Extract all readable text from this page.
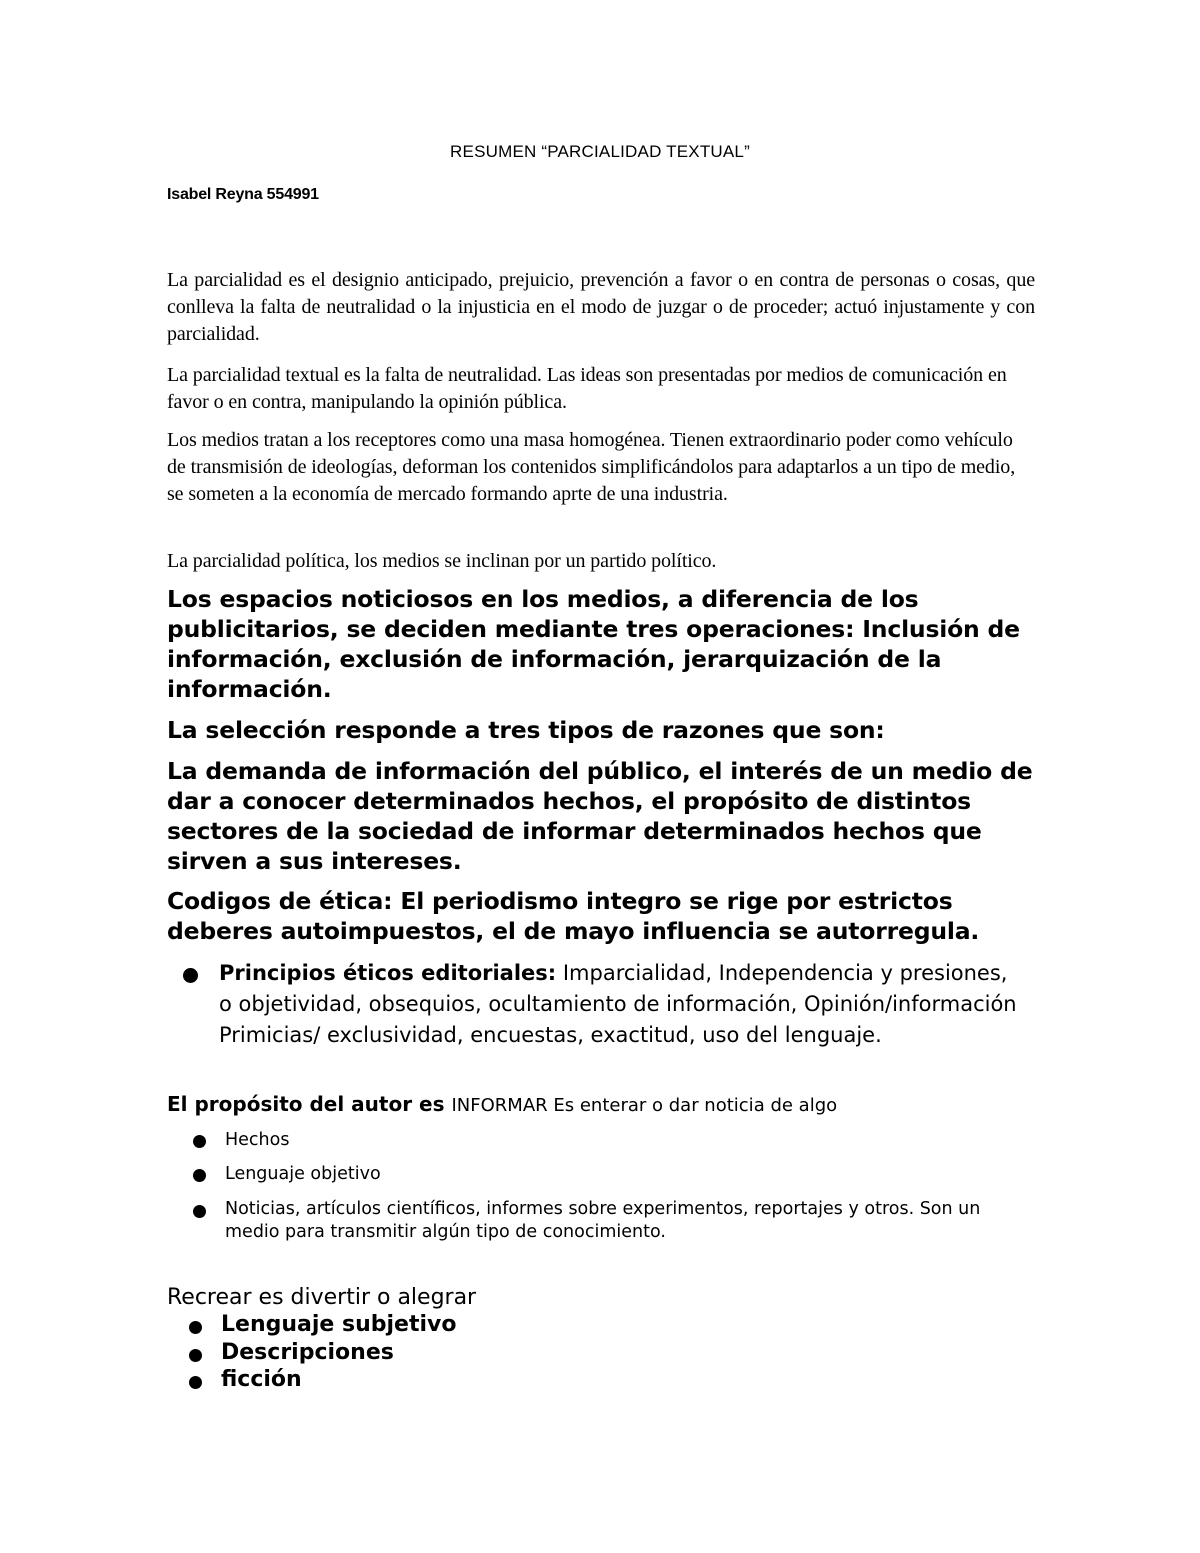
RESUMEN “PARCIALIDAD TEXTUAL”
Isabel Reyna 554991
La parcialidad es el designio anticipado, prejuicio, prevención a favor o en contra de personas o cosas, que conlleva la falta de neutralidad o la injusticia en el modo de juzgar o de proceder; actuó injustamente y con parcialidad.
La parcialidad textual es la falta de neutralidad. Las ideas son presentadas por medios de comunicación en favor o en contra, manipulando la opinión pública.
Los medios tratan a los receptores como una masa homogénea. Tienen extraordinario poder como vehículo de transmisión de ideologías, deforman los contenidos simplificándolos para adaptarlos a un tipo de medio, se someten a la economía de mercado formando aprte de una industria.
La parcialidad política, los medios se inclinan por un partido político.
Los espacios noticiosos en los medios, a diferencia de los publicitarios, se deciden mediante tres operaciones: Inclusión de información, exclusión de información, jerarquización de la información.
La selección responde a tres tipos de razones que son:
La demanda de información del público, el interés de un medio de dar a conocer determinados hechos, el propósito de distintos sectores de la sociedad de informar determinados hechos que sirven a sus intereses.
Codigos de ética: El periodismo integro se rige por estrictos deberes autoimpuestos, el de mayo influencia se autorregula.
Principios éticos editoriales: Imparcialidad, Independencia y presiones, o objetividad, obsequios, ocultamiento de información, Opinión/información Primicias/ exclusividad, encuestas, exactitud, uso del lenguaje.
El propósito del autor es INFORMAR Es enterar o dar noticia de algo
Hechos
Lenguaje objetivo
Noticias, artículos científicos, informes sobre experimentos, reportajes y otros. Son un medio para transmitir algún tipo de conocimiento.
Recrear es divertir o alegrar
Lenguaje subjetivo
Descripciones
ficción
